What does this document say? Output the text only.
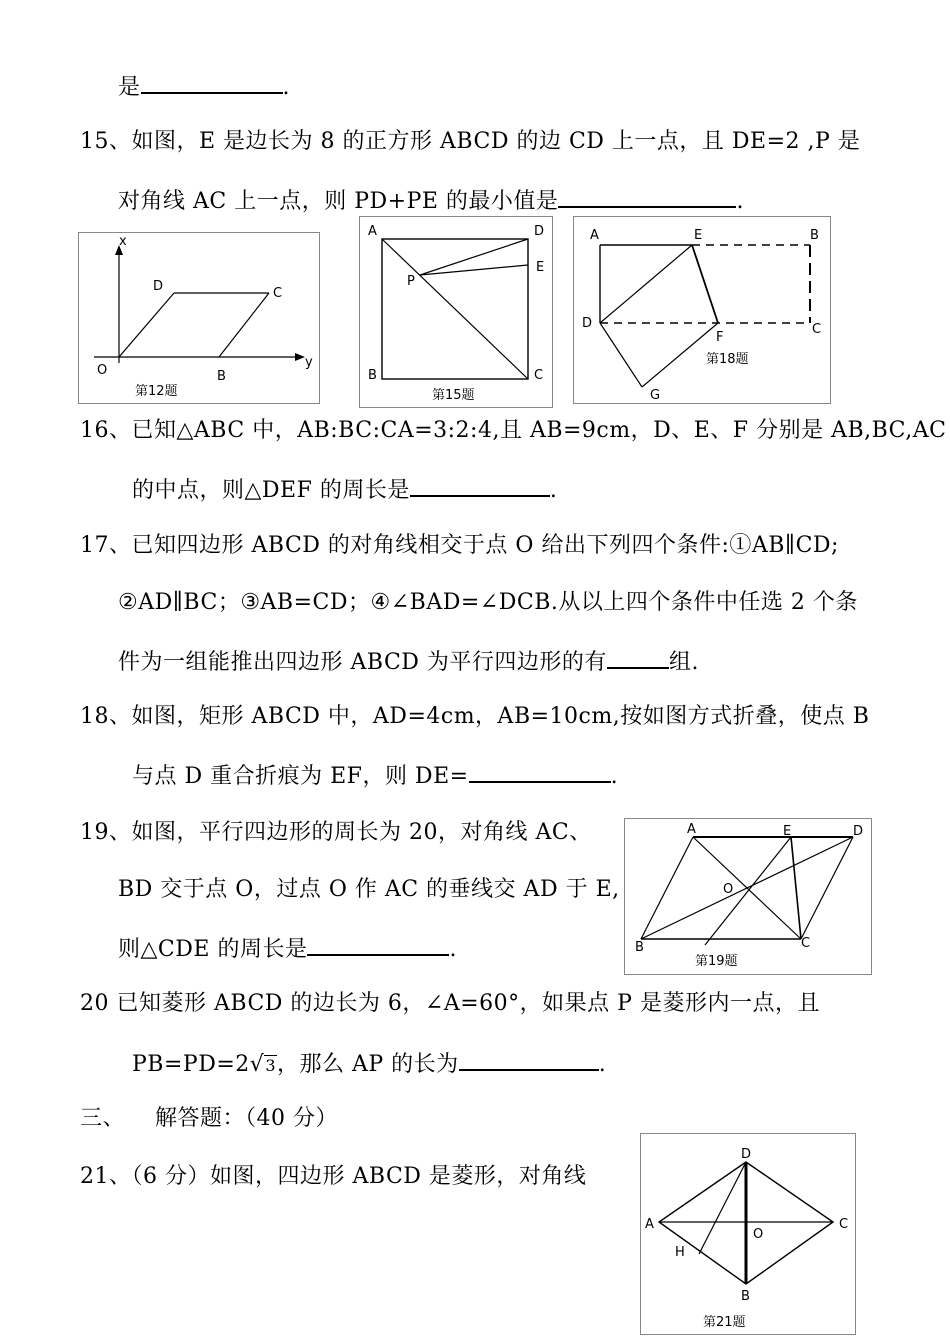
是	.
15、如图，E 是边长为 8 的正方形 ABCD 的边 CD 上一点，且 DE=2 ,P 是
对角线 AC 上一点，则 PD+PE 的最小值是	.
x
y
O
D	C
B
第12题
A	D
E
P
B	C
第15题
A	E	B
D
F
C
G
第18题
16、已知△ABC 中，AB:BC:CA=3:2:4,且 AB=9cm，D、E、F 分别是 AB,BC,AC
的中点，则△DEF 的周长是	.
17、已知四边形 ABCD 的对角线相交于点 O 给出下列四个条件:①AB∥CD;
②AD∥BC；③AB=CD；④∠BAD=∠DCB.从以上四个条件中任选 2 个条
件为一组能推出四边形 ABCD 为平行四边形的有	组.
18、如图，矩形 ABCD 中，AD=4cm，AB=10cm,按如图方式折叠，使点 B
与点 D 重合折痕为 EF，则 DE=	.
19、如图，平行四边形的周长为 20，对角线 AC、
BD 交于点 O，过点 O 作 AC 的垂线交 AD 于 E,
则△CDE 的周长是	.
A	E	D
O
B	C
第19题
20 已知菱形 ABCD 的边长为 6，∠A=60°，如果点 P 是菱形内一点，且
PB=PD=2√3，那么 AP 的长为	.
三、 解答题：（40 分）
21、（6 分）如图，四边形 ABCD 是菱形，对角线
D
A
O
C
H
B
第21题
